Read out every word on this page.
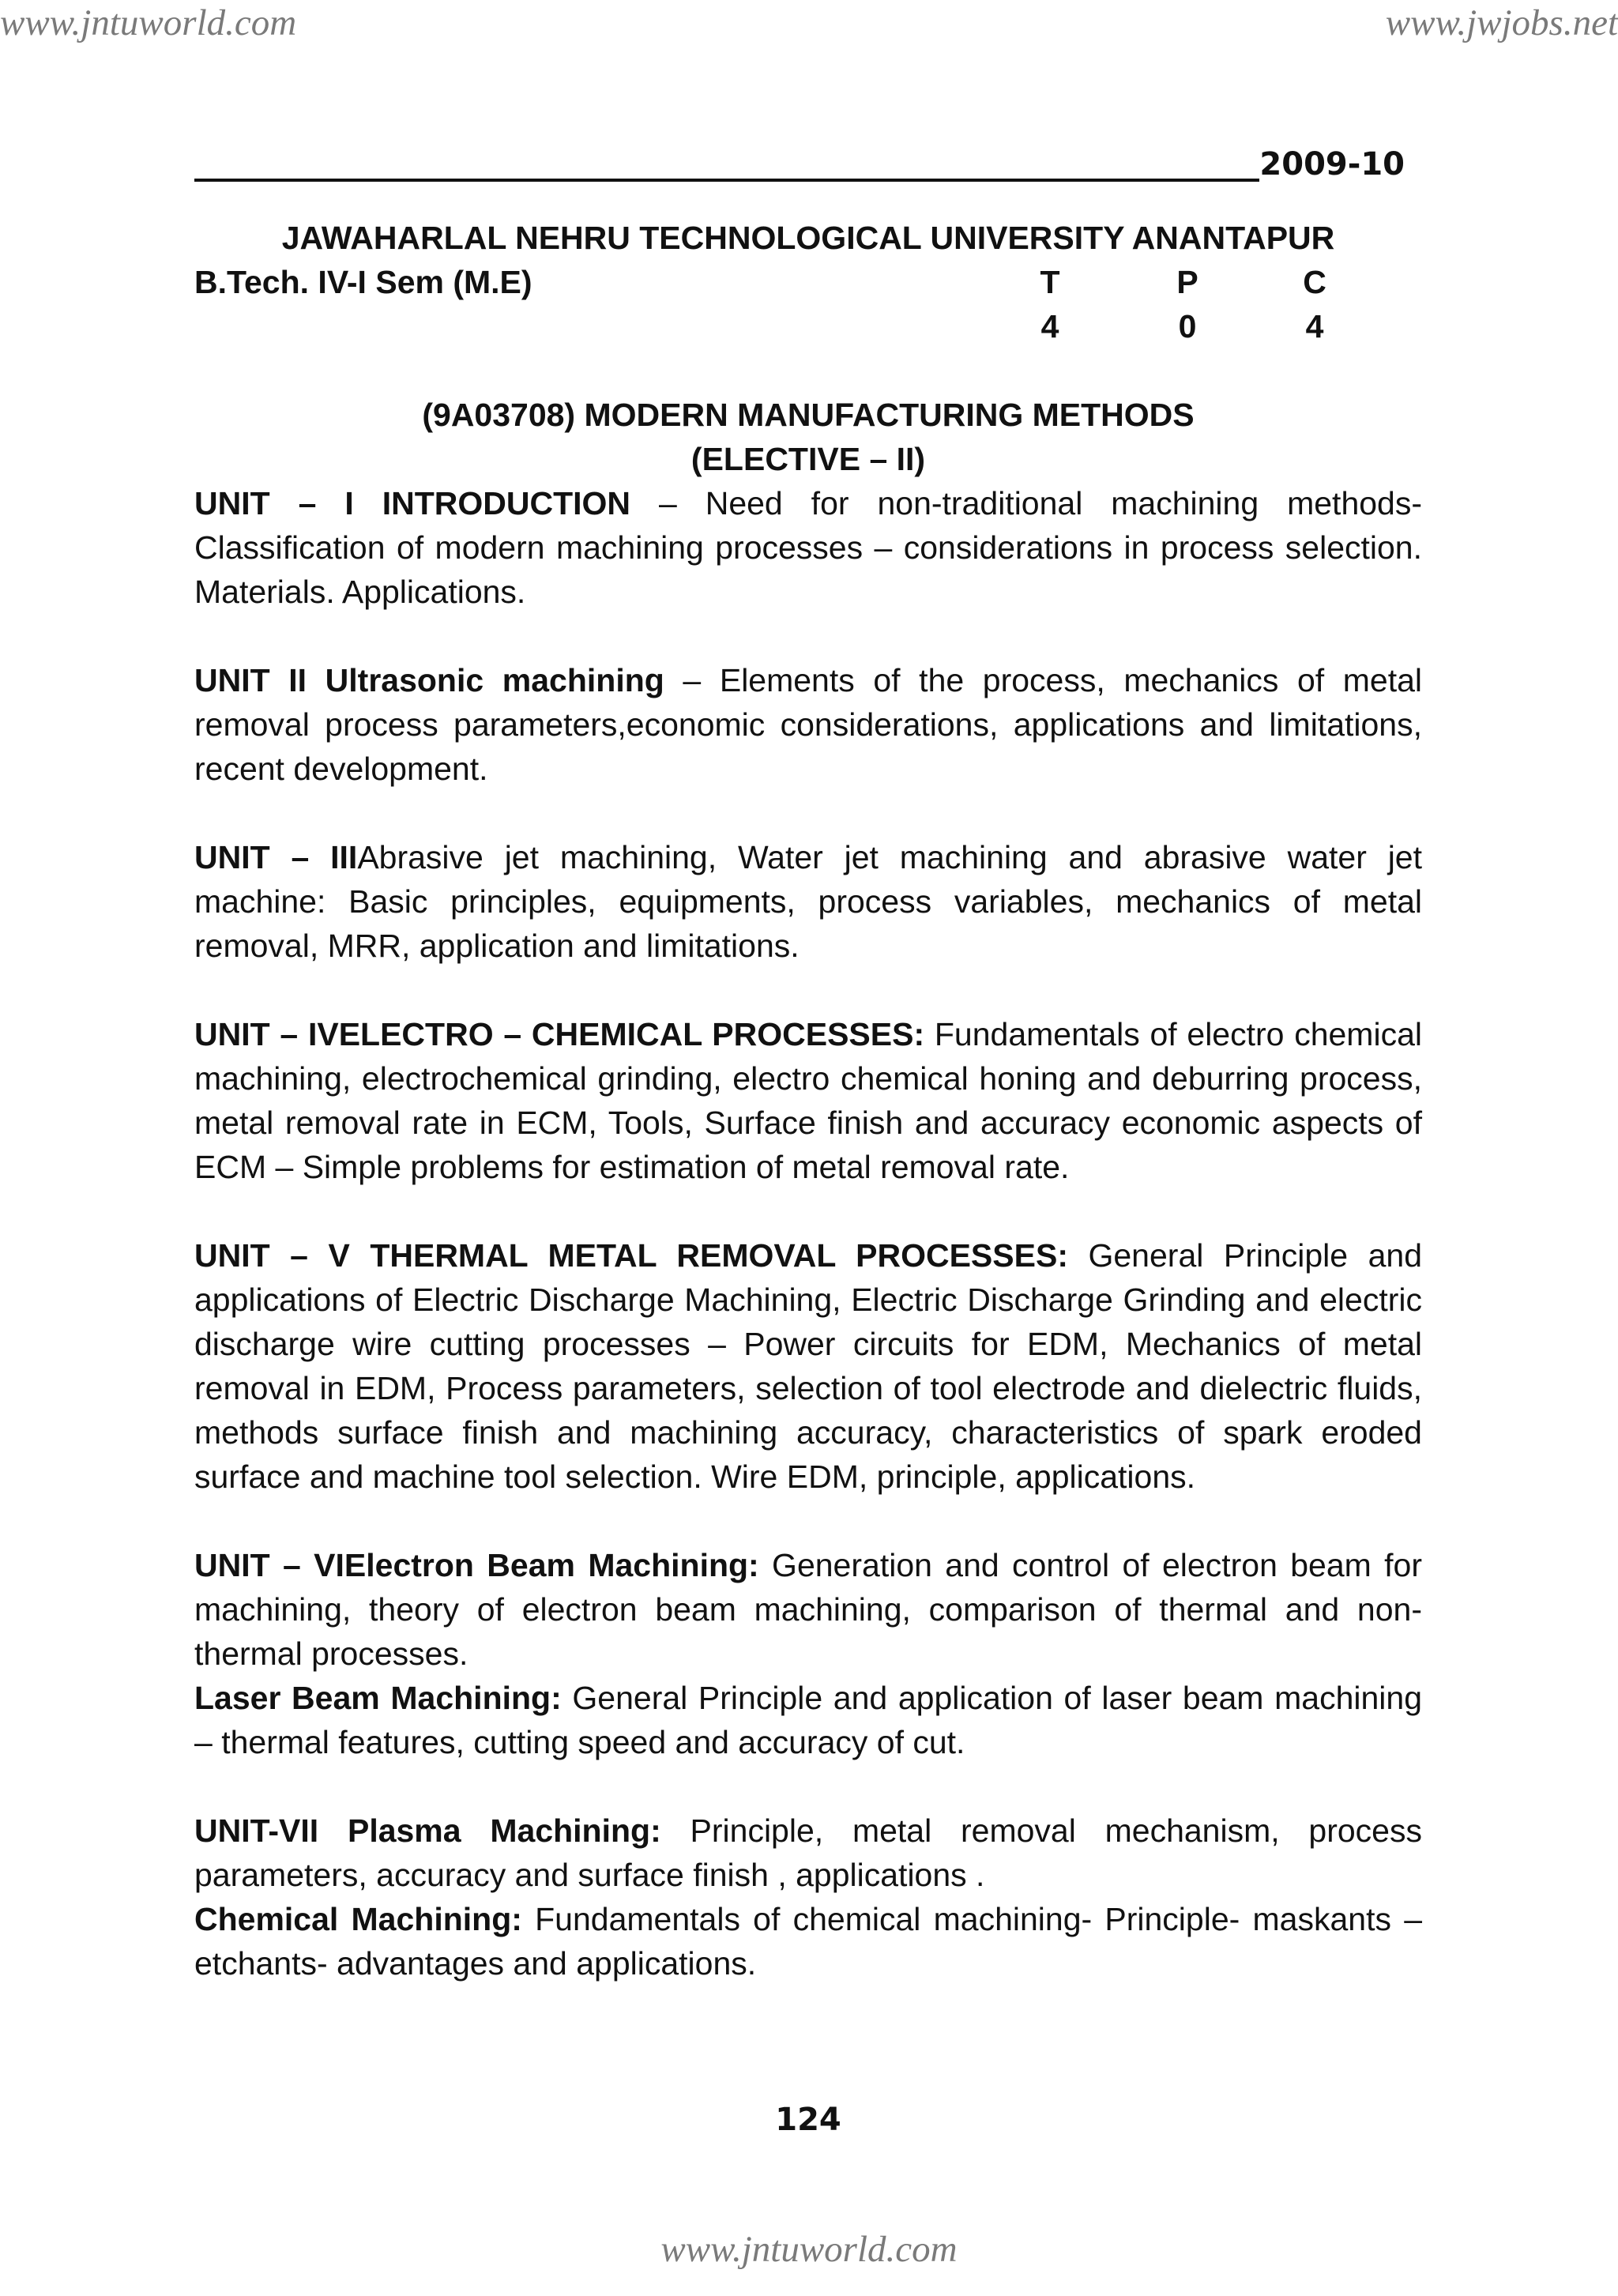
www.jntuworld.com	www.jwjobs.net
2009-10
JAWAHARLAL NEHRU TECHNOLOGICAL UNIVERSITY ANANTAPUR
B.Tech. IV-I Sem (M.E)	T
4
P
0
C
4
(9A03708) MODERN MANUFACTURING METHODS
(ELECTIVE – II)

UNIT – I INTRODUCTION – Need for non-traditional machining methods-Classification of modern machining processes – considerations in process selection. Materials. Applications.

UNIT II Ultrasonic machining – Elements of the process, mechanics of metal removal process parameters,economic considerations, applications and limitations, recent development.

UNIT – IIIAbrasive jet machining, Water jet machining and abrasive water jet machine: Basic principles, equipments, process variables, mechanics of metal removal, MRR, application and limitations.

UNIT – IVELECTRO – CHEMICAL PROCESSES: Fundamentals of electro chemical machining, electrochemical grinding, electro chemical honing and deburring process, metal removal rate in ECM, Tools, Surface finish and accuracy economic aspects of ECM – Simple problems for estimation of metal removal rate.

UNIT – V THERMAL METAL REMOVAL PROCESSES: General Principle and applications of Electric Discharge Machining, Electric Discharge Grinding and electric discharge wire cutting processes – Power circuits for EDM, Mechanics of metal removal in EDM, Process parameters, selection of tool electrode and dielectric fluids, methods surface finish and machining accuracy, characteristics of spark eroded surface and machine tool selection. Wire EDM, principle, applications.

UNIT – VIElectron Beam Machining: Generation and control of electron beam for machining, theory of electron beam machining, comparison of thermal and non-thermal processes.
Laser Beam Machining: General Principle and application of laser beam machining – thermal features, cutting speed and accuracy of cut.

UNIT-VII Plasma Machining: Principle, metal removal mechanism, process parameters, accuracy and surface finish , applications .
Chemical Machining: Fundamentals of chemical machining- Principle- maskants – etchants- advantages and applications.

124
www.jntuworld.com
